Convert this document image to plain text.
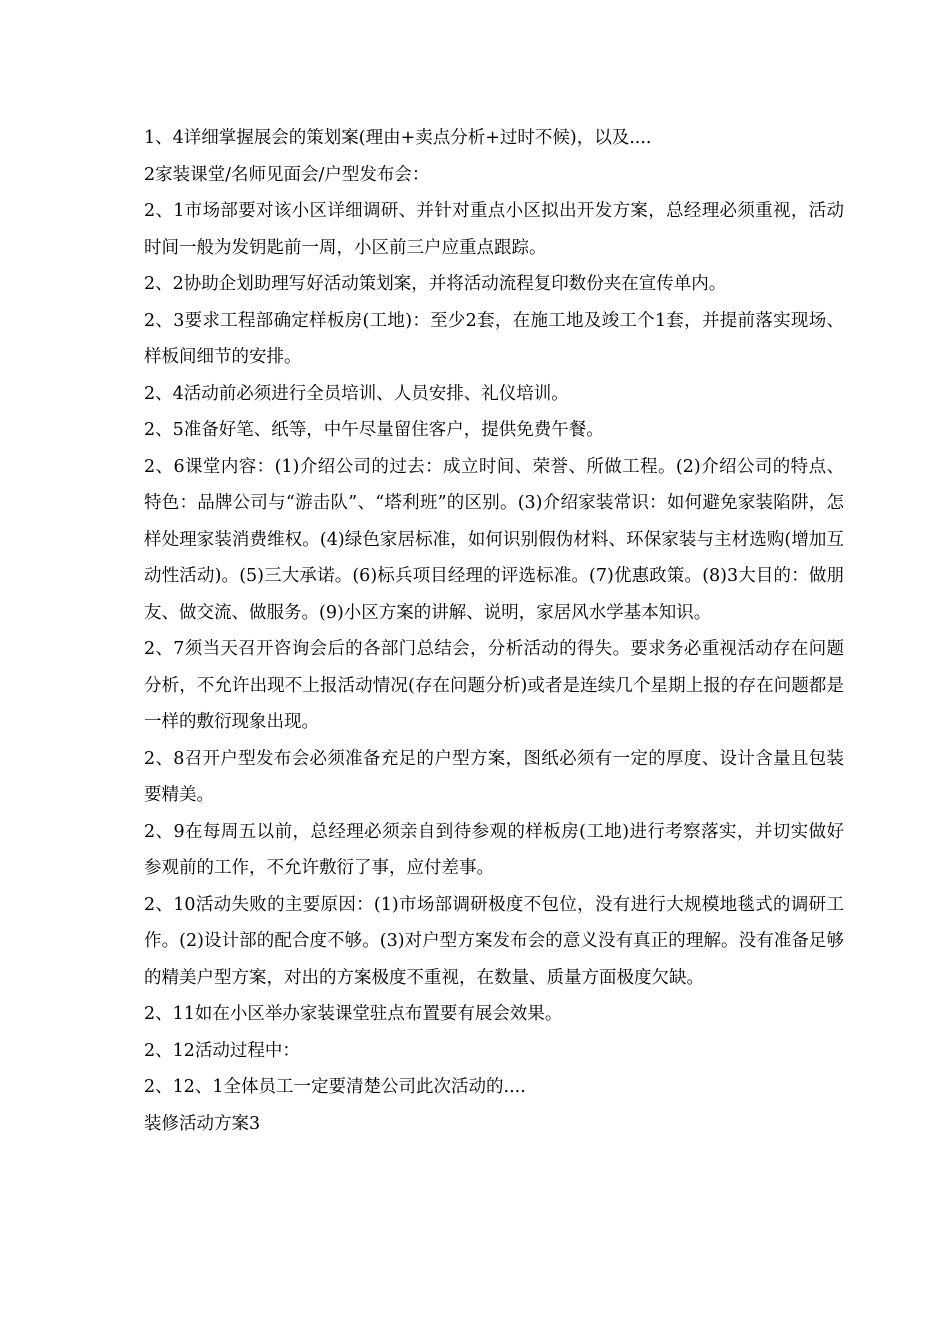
1、4详细掌握展会的策划案(理由+卖点分析+过时不候)，以及....

2家装课堂/名师见面会/户型发布会：

2、1市场部要对该小区详细调研、并针对重点小区拟出开发方案，总经理必须重视，活动时间一般为发钥匙前一周，小区前三户应重点跟踪。

2、2协助企划助理写好活动策划案，并将活动流程复印数份夹在宣传单内。

2、3要求工程部确定样板房(工地)：至少2套，在施工地及竣工个1套，并提前落实现场、样板间细节的安排。

2、4活动前必须进行全员培训、人员安排、礼仪培训。

2、5准备好笔、纸等，中午尽量留住客户，提供免费午餐。

2、6课堂内容：(1)介绍公司的过去：成立时间、荣誉、所做工程。(2)介绍公司的特点、特色：品牌公司与“游击队”、“塔利班”的区别。(3)介绍家装常识：如何避免家装陷阱，怎样处理家装消费维权。(4)绿色家居标准，如何识别假伪材料、环保家装与主材选购(增加互动性活动)。(5)三大承诺。(6)标兵项目经理的评选标准。(7)优惠政策。(8)3大目的：做朋友、做交流、做服务。(9)小区方案的讲解、说明，家居风水学基本知识。

2、7须当天召开咨询会后的各部门总结会，分析活动的得失。要求务必重视活动存在问题分析，不允许出现不上报活动情况(存在问题分析)或者是连续几个星期上报的存在问题都是一样的敷衍现象出现。

2、8召开户型发布会必须准备充足的户型方案，图纸必须有一定的厚度、设计含量且包装要精美。

2、9在每周五以前，总经理必须亲自到待参观的样板房(工地)进行考察落实，并切实做好参观前的工作，不允许敷衍了事，应付差事。

2、10活动失败的主要原因：(1)市场部调研极度不包位，没有进行大规模地毯式的调研工作。(2)设计部的配合度不够。(3)对户型方案发布会的意义没有真正的理解。没有准备足够的精美户型方案，对出的方案极度不重视，在数量、质量方面极度欠缺。

2、11如在小区举办家装课堂驻点布置要有展会效果。

2、12活动过程中：

2、12、1全体员工一定要清楚公司此次活动的....

装修活动方案3
